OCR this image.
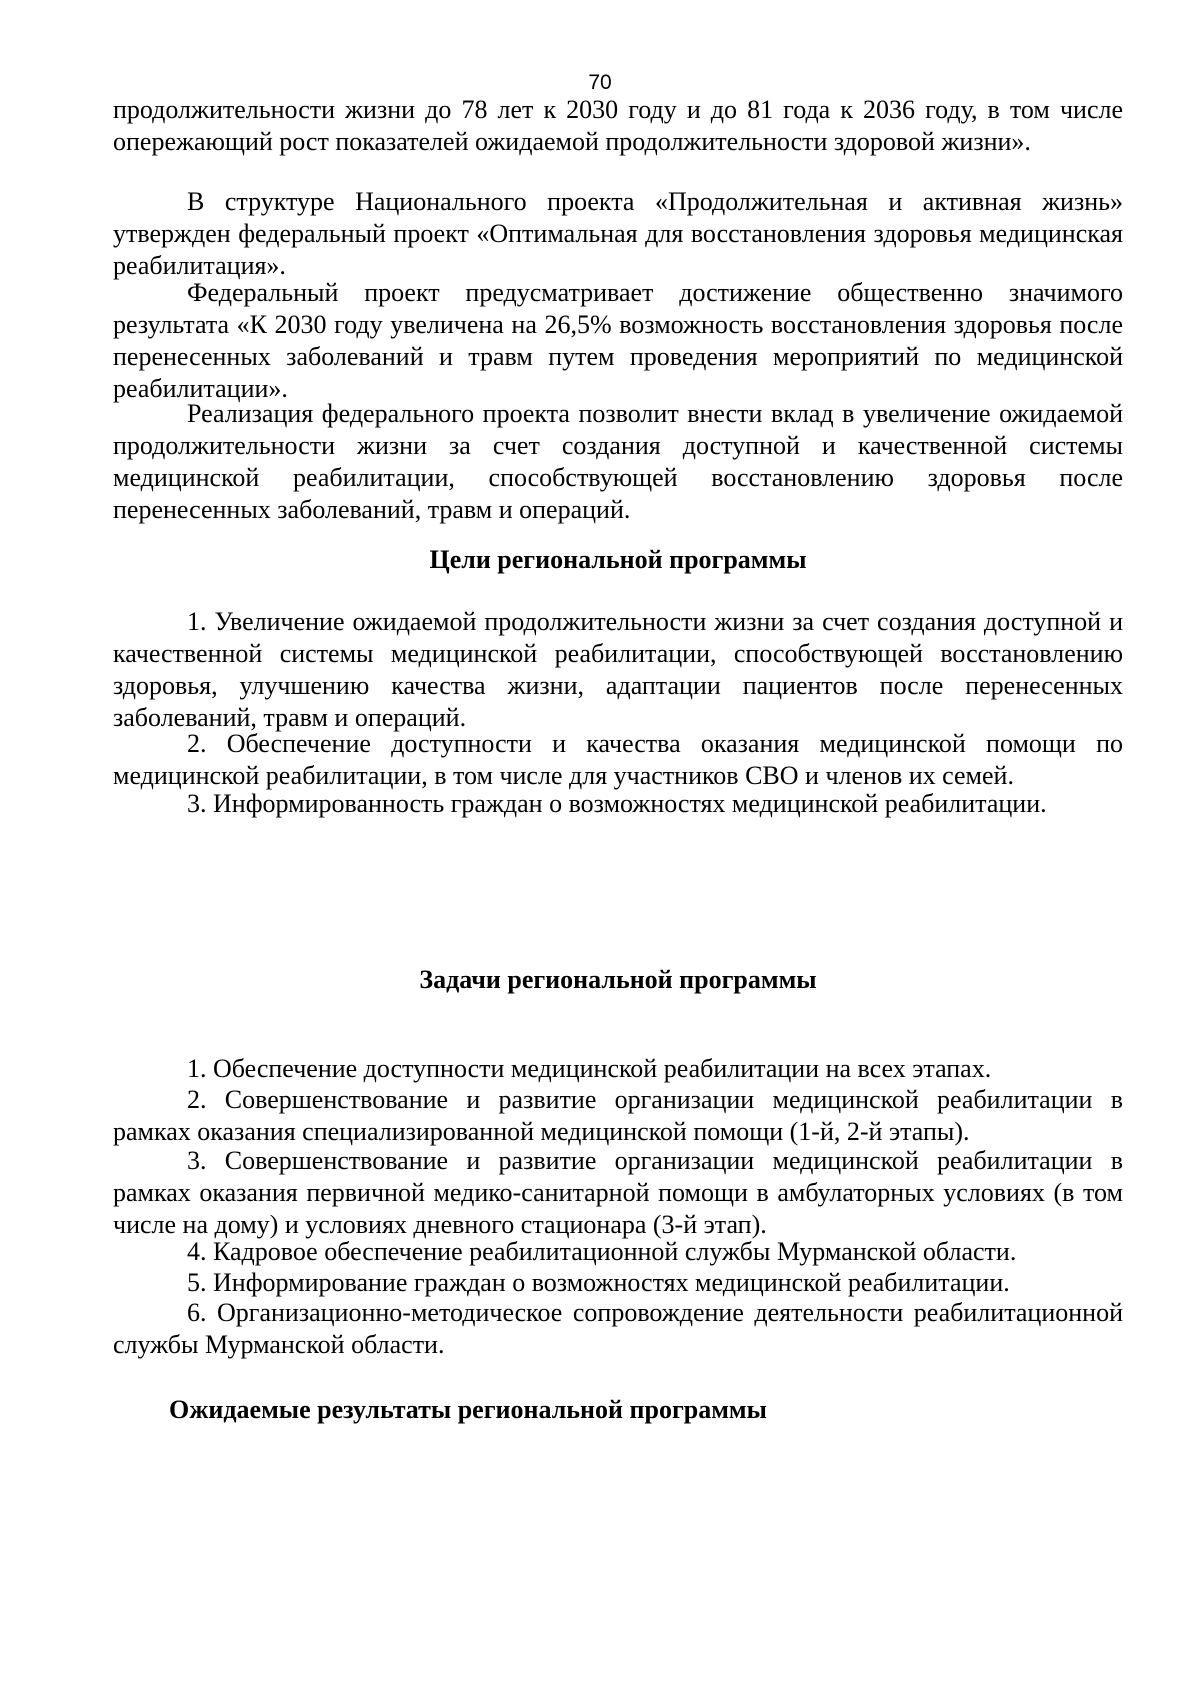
70

продолжительности жизни до 78 лет к 2030 году и до 81 года к 2036 году, в том числе опережающий рост показателей ожидаемой продолжительности здоровой жизни».

В структуре Национального проекта «Продолжительная и активная жизнь» утвержден федеральный проект «Оптимальная для восстановления здоровья медицинская реабилитация».

Федеральный проект предусматривает достижение общественно значимого результата «К 2030 году увеличена на 26,5% возможность восстановления здоровья после перенесенных заболеваний и травм путем проведения мероприятий по медицинской реабилитации».

Реализация федерального проекта позволит внести вклад в увеличение ожидаемой продолжительности жизни за счет создания доступной и качественной системы медицинской реабилитации, способствующей восстановлению здоровья после перенесенных заболеваний, травм и операций.

Цели региональной программы

1. Увеличение ожидаемой продолжительности жизни за счет создания доступной и качественной системы медицинской реабилитации, способствующей восстановлению здоровья, улучшению качества жизни, адаптации пациентов после перенесенных заболеваний, травм и операций.

2. Обеспечение доступности и качества оказания медицинской помощи по медицинской реабилитации, в том числе для участников СВО и членов их семей.

3. Информированность граждан о возможностях медицинской реабилитации.

Задачи региональной программы

1. Обеспечение доступности медицинской реабилитации на всех этапах.

2. Совершенствование и развитие организации медицинской реабилитации в рамках оказания специализированной медицинской помощи (1-й, 2-й этапы).

3. Совершенствование и развитие организации медицинской реабилитации в рамках оказания первичной медико-санитарной помощи в амбулаторных условиях (в том числе на дому) и условиях дневного стационара (3-й этап).

4. Кадровое обеспечение реабилитационной службы Мурманской области.

5. Информирование граждан о возможностях медицинской реабилитации.

6. Организационно-методическое сопровождение деятельности реабилитационной службы Мурманской области.

Ожидаемые результаты региональной программы
